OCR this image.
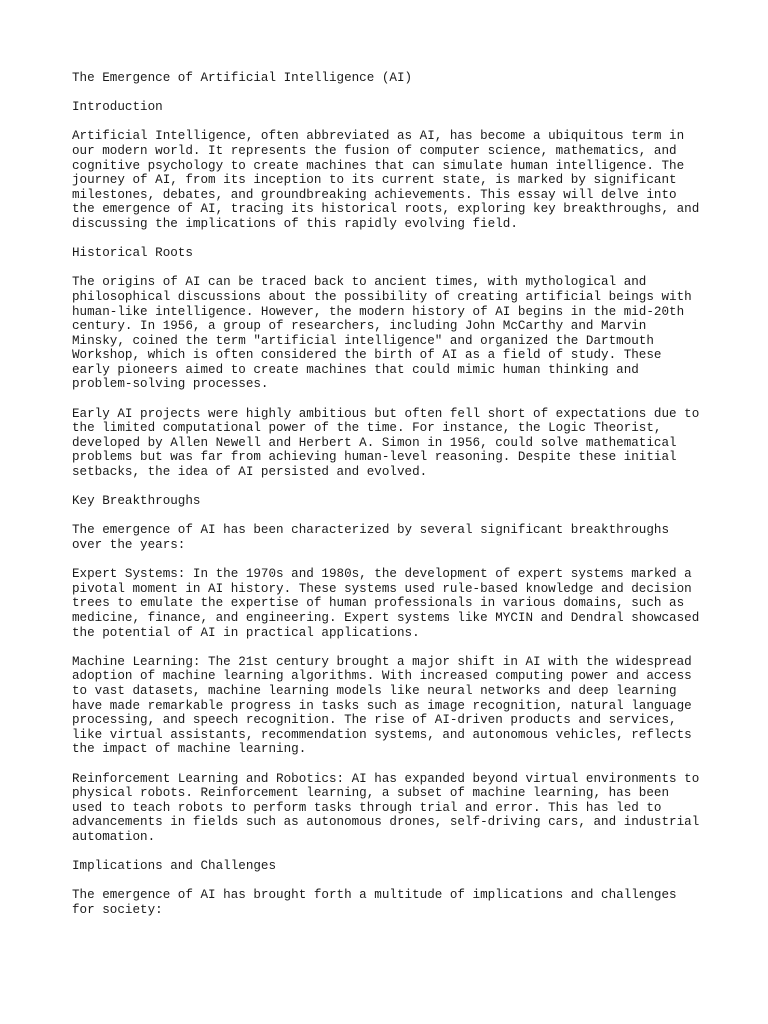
The Emergence of Artificial Intelligence (AI)

Introduction

Artificial Intelligence, often abbreviated as AI, has become a ubiquitous term in
our modern world. It represents the fusion of computer science, mathematics, and
cognitive psychology to create machines that can simulate human intelligence. The
journey of AI, from its inception to its current state, is marked by significant
milestones, debates, and groundbreaking achievements. This essay will delve into
the emergence of AI, tracing its historical roots, exploring key breakthroughs, and
discussing the implications of this rapidly evolving field.

Historical Roots

The origins of AI can be traced back to ancient times, with mythological and
philosophical discussions about the possibility of creating artificial beings with
human-like intelligence. However, the modern history of AI begins in the mid-20th
century. In 1956, a group of researchers, including John McCarthy and Marvin
Minsky, coined the term "artificial intelligence" and organized the Dartmouth
Workshop, which is often considered the birth of AI as a field of study. These
early pioneers aimed to create machines that could mimic human thinking and
problem-solving processes.

Early AI projects were highly ambitious but often fell short of expectations due to
the limited computational power of the time. For instance, the Logic Theorist,
developed by Allen Newell and Herbert A. Simon in 1956, could solve mathematical
problems but was far from achieving human-level reasoning. Despite these initial
setbacks, the idea of AI persisted and evolved.

Key Breakthroughs

The emergence of AI has been characterized by several significant breakthroughs
over the years:

Expert Systems: In the 1970s and 1980s, the development of expert systems marked a
pivotal moment in AI history. These systems used rule-based knowledge and decision
trees to emulate the expertise of human professionals in various domains, such as
medicine, finance, and engineering. Expert systems like MYCIN and Dendral showcased
the potential of AI in practical applications.

Machine Learning: The 21st century brought a major shift in AI with the widespread
adoption of machine learning algorithms. With increased computing power and access
to vast datasets, machine learning models like neural networks and deep learning
have made remarkable progress in tasks such as image recognition, natural language
processing, and speech recognition. The rise of AI-driven products and services,
like virtual assistants, recommendation systems, and autonomous vehicles, reflects
the impact of machine learning.

Reinforcement Learning and Robotics: AI has expanded beyond virtual environments to
physical robots. Reinforcement learning, a subset of machine learning, has been
used to teach robots to perform tasks through trial and error. This has led to
advancements in fields such as autonomous drones, self-driving cars, and industrial
automation.

Implications and Challenges

The emergence of AI has brought forth a multitude of implications and challenges
for society:
